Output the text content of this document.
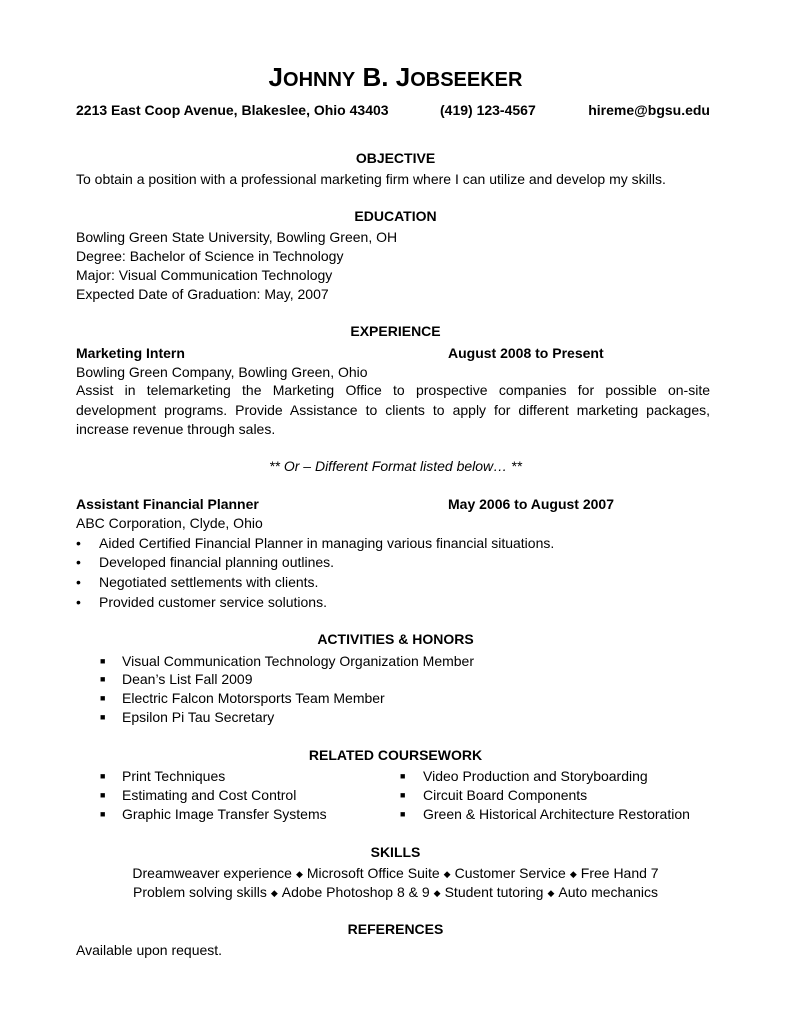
JOHNNY B. JOBSEEKER
2213 East Coop Avenue, Blakeslee, Ohio 43403	(419) 123-4567	hireme@bgsu.edu
OBJECTIVE
To obtain a position with a professional marketing firm where I can utilize and develop my skills.
EDUCATION
Bowling Green State University, Bowling Green, OH
Degree: Bachelor of Science in Technology
Major: Visual Communication Technology
Expected Date of Graduation: May, 2007
EXPERIENCE
Marketing Intern	August 2008 to Present
Bowling Green Company, Bowling Green, Ohio
Assist in telemarketing the Marketing Office to prospective companies for possible on-site development programs. Provide Assistance to clients to apply for different marketing packages, increase revenue through sales.
** Or – Different Format listed below… **
Assistant Financial Planner	May 2006 to August 2007
ABC Corporation, Clyde, Ohio
• Aided Certified Financial Planner in managing various financial situations.
• Developed financial planning outlines.
• Negotiated settlements with clients.
• Provided customer service solutions.
ACTIVITIES & HONORS
■ Visual Communication Technology Organization Member
■ Dean’s List Fall 2009
■ Electric Falcon Motorsports Team Member
■ Epsilon Pi Tau Secretary
RELATED COURSEWORK
■ Print Techniques
■ Estimating and Cost Control
■ Graphic Image Transfer Systems
■ Video Production and Storyboarding
■ Circuit Board Components
■ Green & Historical Architecture Restoration
SKILLS
Dreamweaver experience ◆ Microsoft Office Suite ◆ Customer Service ◆ Free Hand 7
Problem solving skills ◆ Adobe Photoshop 8 & 9 ◆ Student tutoring ◆ Auto mechanics
REFERENCES
Available upon request.
